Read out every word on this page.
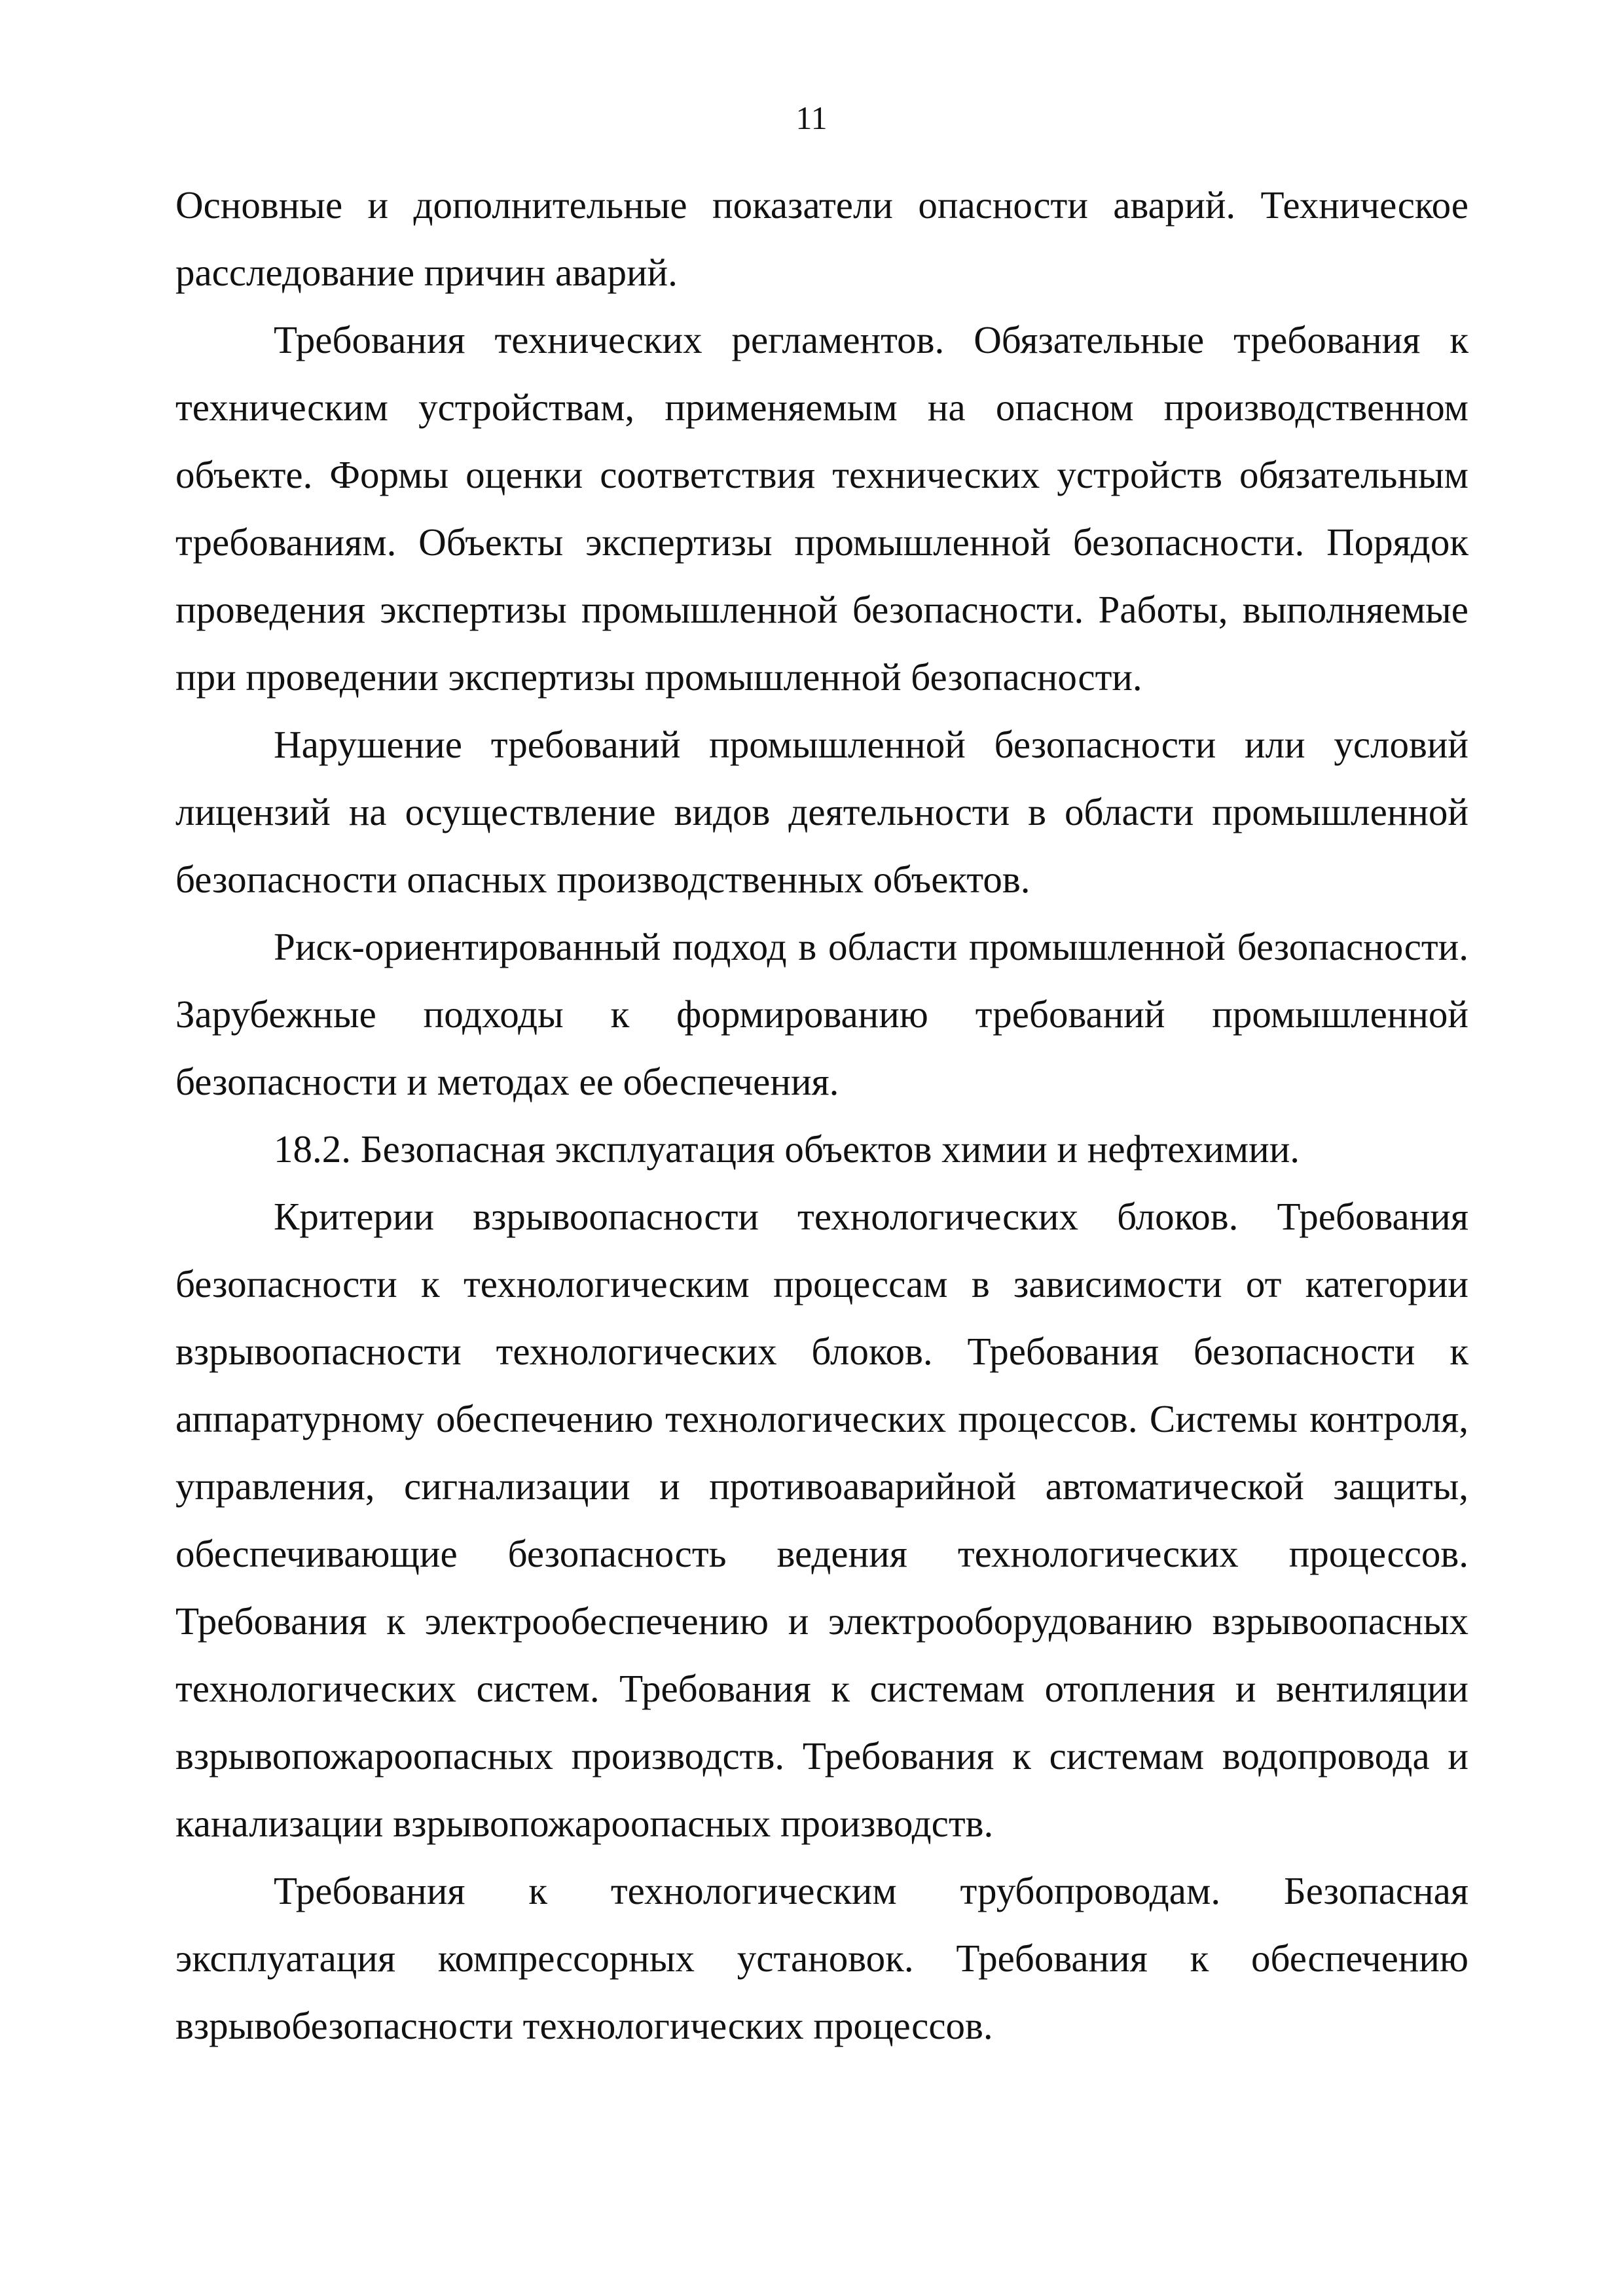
11

Основные и дополнительные показатели опасности аварий. Техническое расследование причин аварий.

Требования технических регламентов. Обязательные требования к техническим устройствам, применяемым на опасном производственном объекте. Формы оценки соответствия технических устройств обязательным требованиям. Объекты экспертизы промышленной безопасности. Порядок проведения экспертизы промышленной безопасности. Работы, выполняемые при проведении экспертизы промышленной безопасности.

Нарушение требований промышленной безопасности или условий лицензий на осуществление видов деятельности в области промышленной безопасности опасных производственных объектов.

Риск-ориентированный подход в области промышленной безопасности. Зарубежные подходы к формированию требований промышленной безопасности и методах ее обеспечения.

18.2. Безопасная эксплуатация объектов химии и нефтехимии.

Критерии взрывоопасности технологических блоков. Требования безопасности к технологическим процессам в зависимости от категории взрывоопасности технологических блоков. Требования безопасности к аппаратурному обеспечению технологических процессов. Системы контроля, управления, сигнализации и противоаварийной автоматической защиты, обеспечивающие безопасность ведения технологических процессов. Требования к электрообеспечению и электрооборудованию взрывоопасных технологических систем. Требования к системам отопления и вентиляции взрывопожароопасных производств. Требования к системам водопровода и канализации взрывопожароопасных производств.

Требования к технологическим трубопроводам. Безопасная эксплуатация компрессорных установок. Требования к обеспечению взрывобезопасности технологических процессов.
